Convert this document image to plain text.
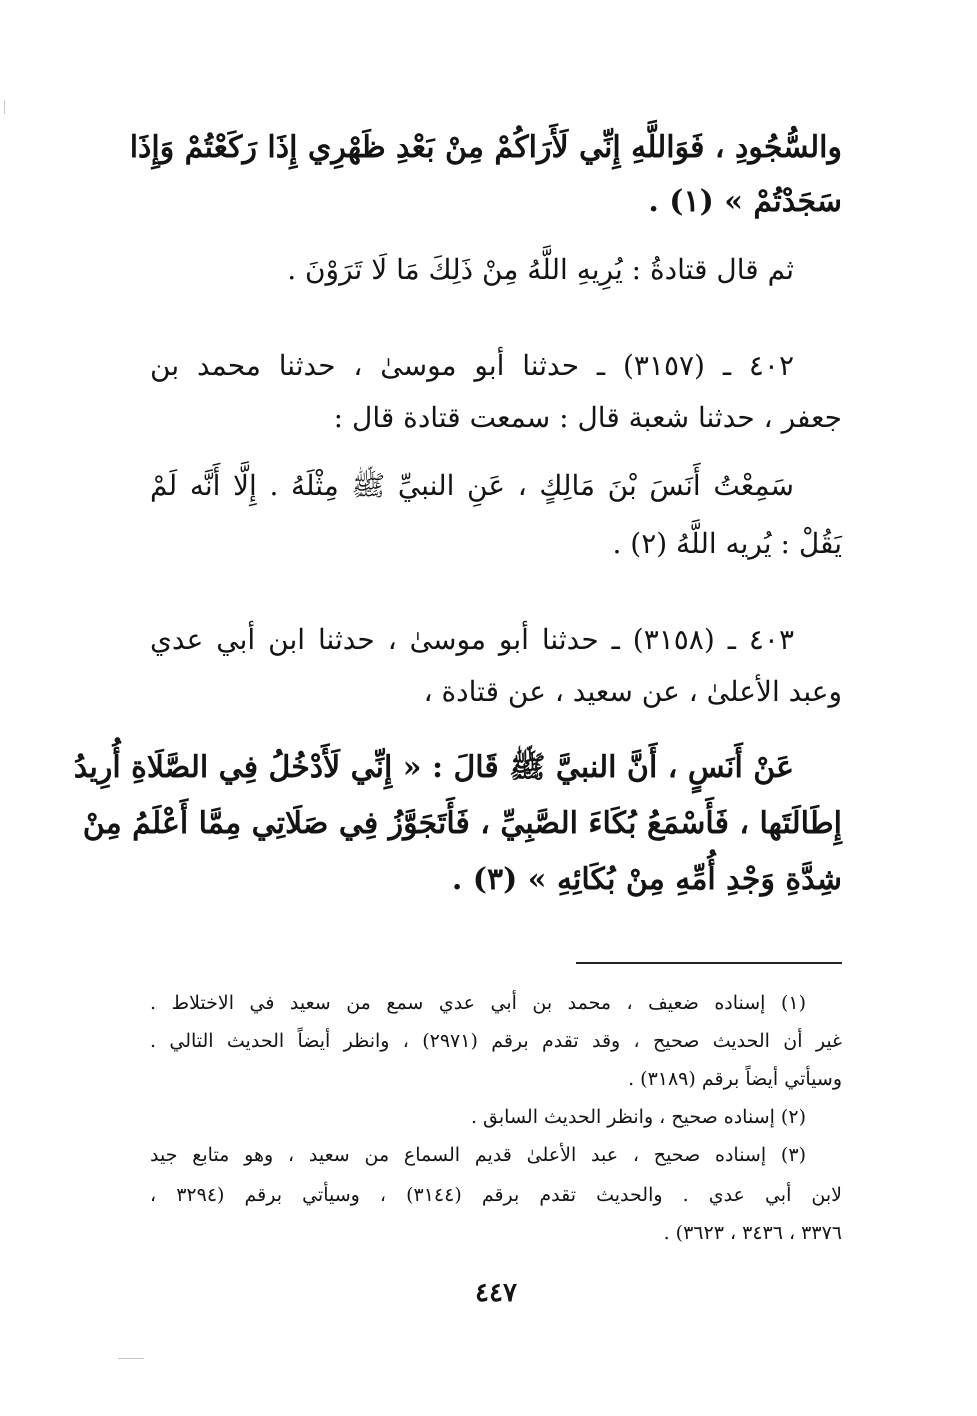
والسُّجُودِ ، فَوَاللَّهِ إِنِّي لَأَرَاكُمْ مِنْ بَعْدِ ظَهْرِي إِذَا رَكَعْتُمْ وَإِذَا
سَجَدْتُمْ » (١) .
ثم قال قتادةُ : يُرِيهِ اللَّهُ مِنْ ذَلِكَ مَا لَا تَرَوْنَ .
٤٠٢ ـ (٣١٥٧) ـ حدثنا أبو موسىٰ ، حدثنا محمد بن
جعفر ، حدثنا شعبة قال : سمعت قتادة قال :
سَمِعْتُ أَنَسَ بْنَ مَالِكٍ ، عَنِ النبيِّ ﷺ مِثْلَهُ . إِلَّا أَنَّه لَمْ
يَقُلْ : يُريه اللَّهُ (٢) .
٤٠٣ ـ (٣١٥٨) ـ حدثنا أبو موسىٰ ، حدثنا ابن أبي عدي
وعبد الأعلىٰ ، عن سعيد ، عن قتادة ،
عَنْ أَنَسٍ ، أَنَّ النبيَّ ﷺ قَالَ : « إِنِّي لَأَدْخُلُ فِي الصَّلَاةِ أُرِيدُ
إِطَالَتَها ، فَأَسْمَعُ بُكَاءَ الصَّبِيِّ ، فَأَتَجَوَّزُ فِي صَلَاتِي مِمَّا أَعْلَمُ مِنْ
شِدَّةِ وَجْدِ أُمِّهِ مِنْ بُكَائِهِ » (٣) .
(١) إسناده ضعيف ، محمد بن أبي عدي سمع من سعيد في الاختلاط .
غير أن الحديث صحيح ، وقد تقدم برقم (٢٩٧١) ، وانظر أيضاً الحديث التالي .
وسيأتي أيضاً برقم (٣١٨٩) .
(٢) إسناده صحيح ، وانظر الحديث السابق .
(٣) إسناده صحيح ، عبد الأعلىٰ قديم السماع من سعيد ، وهو متابع جيد
لابن أبي عدي . والحديث تقدم برقم (٣١٤٤) ، وسيأتي برقم (٣٢٩٤ ،
٣٣٧٦ ، ٣٤٣٦ ، ٣٦٢٣) .
٤٤٧
